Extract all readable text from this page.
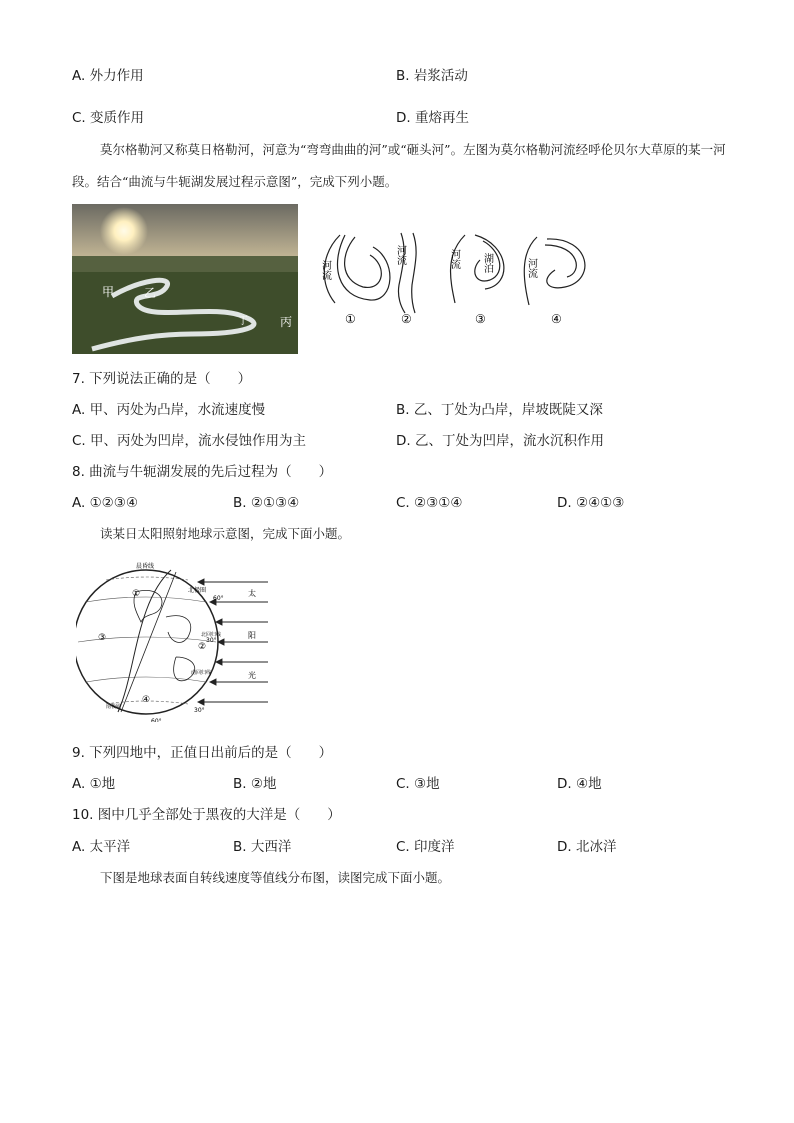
A. 外力作用	B. 岩浆活动
C. 变质作用	D. 重熔再生
莫尔格勒河又称莫日格勒河，河意为“弯弯曲曲的河”或“砸头河”。左图为莫尔格勒河流经呼伦贝尔大草原的某一河段。结合“曲流与牛轭湖发展过程示意图”，完成下列小题。
甲 乙
丁	丙
河流
河流	河流 湖泊	河流
①	②	③	④
7. 下列说法正确的是（　　）
A. 甲、丙处为凸岸，水流速度慢	B. 乙、丁处为凸岸，岸坡既陡又深
C. 甲、丙处为凹岸，流水侵蚀作用为主	D. 乙、丁处为凹岸，流水沉积作用
8. 曲流与牛轭湖发展的先后过程为（　　）
A. ①②③④	B. ②①③④	C. ②③①④	D. ②④①③
读某日太阳照射地球示意图，完成下面小题。
晨昏线
北极圈
北回归线
南回归线
南极圈
60°
30°
30°
60°
太
阳
光
①
②
③
④
9. 下列四地中，正值日出前后的是（　　）
A. ①地	B. ②地	C. ③地	D. ④地
10. 图中几乎全部处于黑夜的大洋是（　　）
A. 太平洋	B. 大西洋	C. 印度洋	D. 北冰洋
下图是地球表面自转线速度等值线分布图，读图完成下面小题。
